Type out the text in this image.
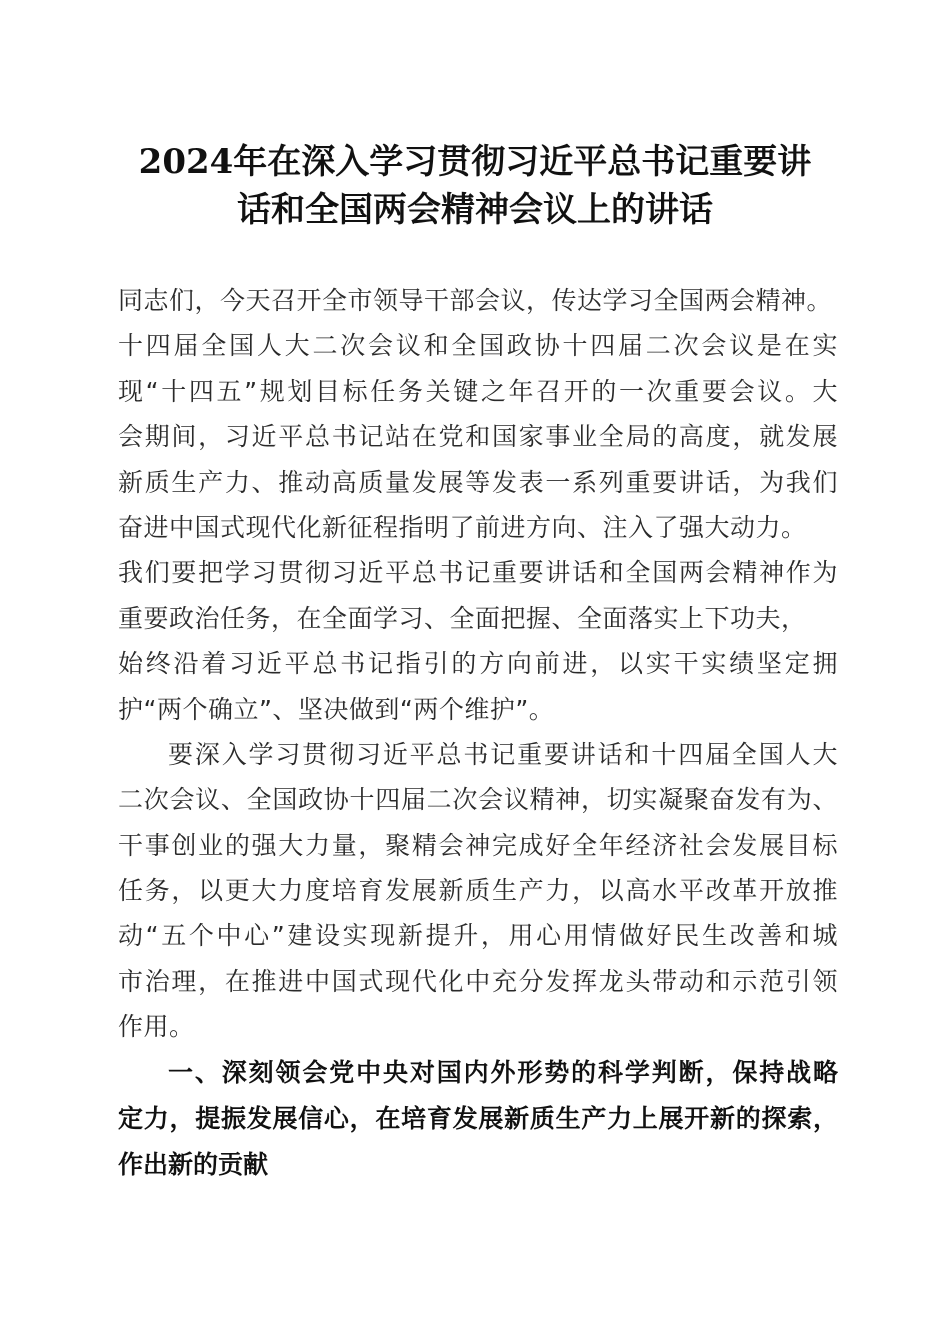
2024年在深入学习贯彻习近平总书记重要讲
话和全国两会精神会议上的讲话
同志们，今天召开全市领导干部会议，传达学习全国两会精神。
十四届全国人大二次会议和全国政协十四届二次会议是在实
现“十四五”规划目标任务关键之年召开的一次重要会议。大
会期间，习近平总书记站在党和国家事业全局的高度，就发展
新质生产力、推动高质量发展等发表一系列重要讲话，为我们
奋进中国式现代化新征程指明了前进方向、注入了强大动力。
我们要把学习贯彻习近平总书记重要讲话和全国两会精神作为
重要政治任务，在全面学习、全面把握、全面落实上下功夫，
始终沿着习近平总书记指引的方向前进，以实干实绩坚定拥
护“两个确立”、坚决做到“两个维护”。
要深入学习贯彻习近平总书记重要讲话和十四届全国人大
二次会议、全国政协十四届二次会议精神，切实凝聚奋发有为、
干事创业的强大力量，聚精会神完成好全年经济社会发展目标
任务，以更大力度培育发展新质生产力，以高水平改革开放推
动“五个中心”建设实现新提升，用心用情做好民生改善和城
市治理，在推进中国式现代化中充分发挥龙头带动和示范引领
作用。
一、深刻领会党中央对国内外形势的科学判断，保持战略
定力，提振发展信心，在培育发展新质生产力上展开新的探索，
作出新的贡献
